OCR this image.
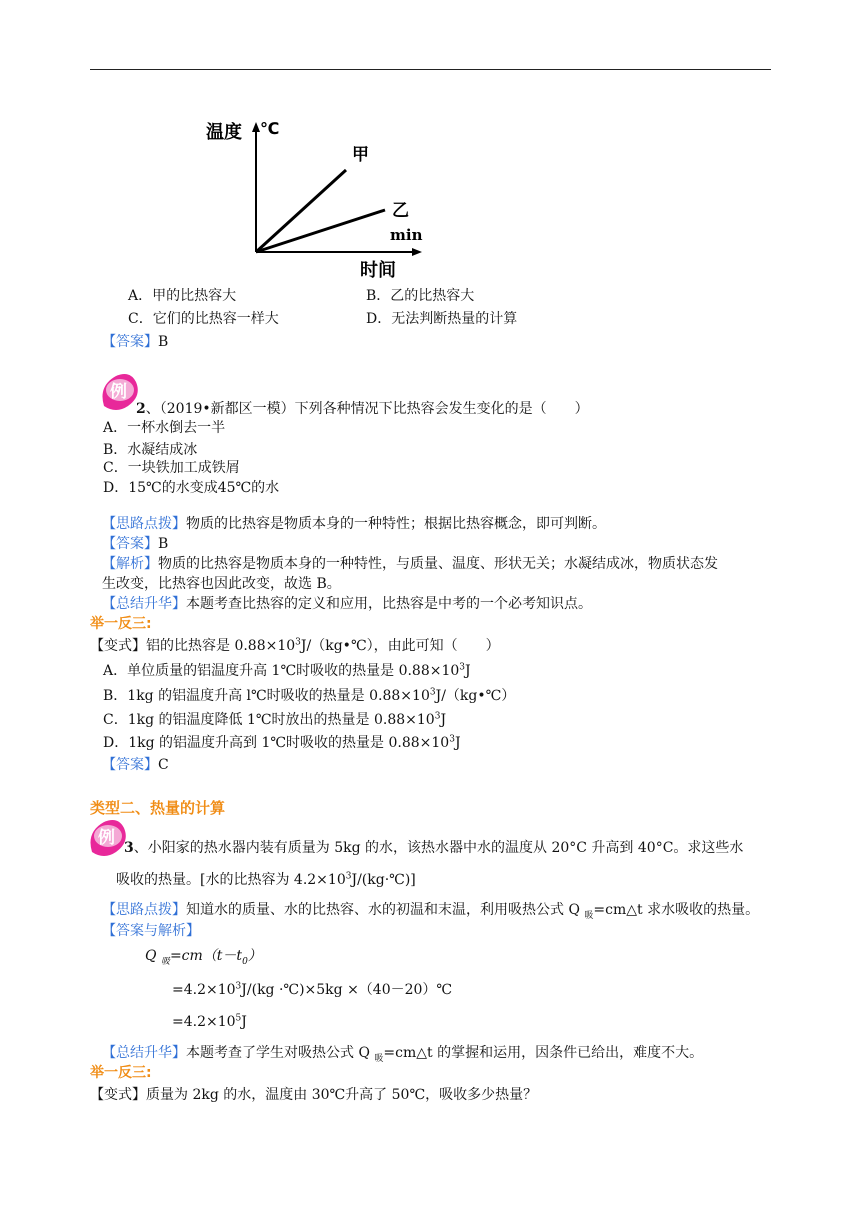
温度 ℃
甲
乙
min
时间
A．甲的比热容大	B．乙的比热容大
C．它们的比热容一样大	D．无法判断热量的计算
【答案】B
例
2、（2019•新都区一模）下列各种情况下比热容会发生变化的是（　　）
A．一杯水倒去一半
B．水凝结成冰
C．一块铁加工成铁屑
D．15℃的水变成45℃的水
【思路点拨】物质的比热容是物质本身的一种特性；根据比热容概念，即可判断。
【答案】B
【解析】物质的比热容是物质本身的一种特性，与质量、温度、形状无关；水凝结成冰，物质状态发
生改变，比热容也因此改变，故选 B。
【总结升华】本题考查比热容的定义和应用，比热容是中考的一个必考知识点。
举一反三:
【变式】铝的比热容是 $0.88\times 10^3J/(kg•℃)$，由此可知（　　）
A．单位质量的铝温度升高 1℃时吸收的热量是 $0.88\times 10^3J$
B．1kg 的铝温度升高 l℃时吸收的热量是 $0.88\times 10^3J/(kg•℃)$
C．1kg 的铝温度降低 1℃时放出的热量是 $0.88\times 10^3J$
D．1kg 的铝温度升高到 1℃时吸收的热量是 $0.88\times 10^3J$
【答案】C
类型二、热量的计算
例 3、小阳家的热水器内装有质量为 5kg 的水，该热水器中水的温度从 20°C 升高到 40°C。求这些水
吸收的热量。[水的比热容为 $4.2\times 10^3J/(kg\cdot℃)$]
【思路点拨】知道水的质量、水的比热容、水的初温和末温，利用吸热公式 Q $_吸$=cm△t 求水吸收的热量。
【答案与解析】
Q $_吸=cm(t-t_0)$
$=4.2\times 10^3J/(kg$ ·℃)×5kg ×（40－20）℃
$=4.2\times 10^5J$
【总结升华】本题考查了学生对吸热公式 Q $_吸$=cm△t 的掌握和运用，因条件已给出，难度不大。
举一反三:
【变式】质量为 2kg 的水，温度由 30℃升高了 50℃，吸收多少热量？
